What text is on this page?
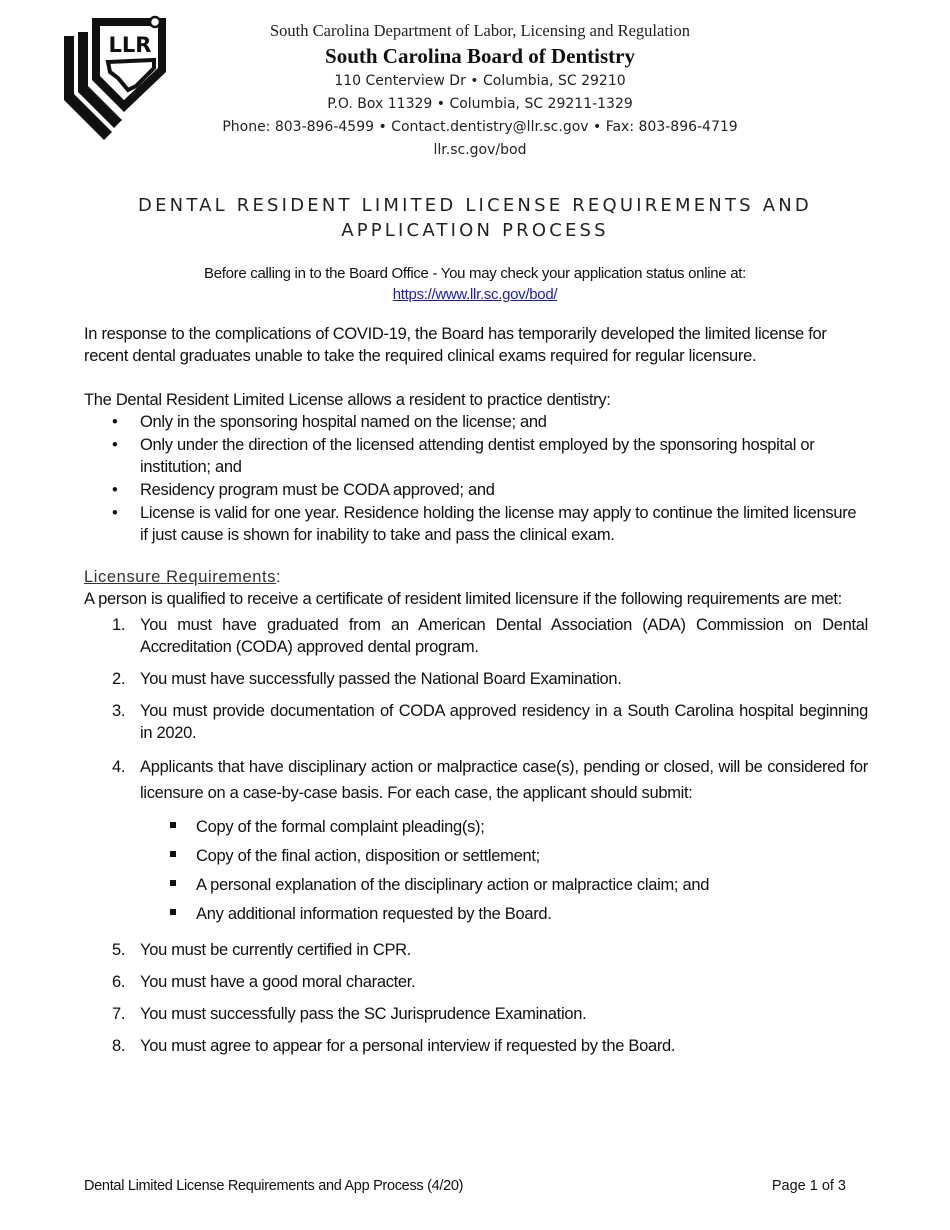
LLR
South Carolina Department of Labor, Licensing and Regulation
South Carolina Board of Dentistry
110 Centerview Dr • Columbia, SC 29210
P.O. Box 11329 • Columbia, SC 29211-1329
Phone: 803-896-4599 • Contact.dentistry@llr.sc.gov • Fax: 803-896-4719
llr.sc.gov/bod
DENTAL RESIDENT LIMITED LICENSE REQUIREMENTS AND
APPLICATION PROCESS
Before calling in to the Board Office - You may check your application status online at:
https://www.llr.sc.gov/bod/

In response to the complications of COVID-19, the Board has temporarily developed the limited license for recent dental graduates unable to take the required clinical exams required for regular licensure.

The Dental Resident Limited License allows a resident to practice dentistry:

• Only in the sponsoring hospital named on the license; and
• Only under the direction of the licensed attending dentist employed by the sponsoring hospital or institution; and
• Residency program must be CODA approved; and
• License is valid for one year. Residence holding the license may apply to continue the limited licensure if just cause is shown for inability to take and pass the clinical exam.

Licensure Requirements:

A person is qualified to receive a certificate of resident limited licensure if the following requirements are met:

1. You must have graduated from an American Dental Association (ADA) Commission on Dental Accreditation (CODA) approved dental program.
2. You must have successfully passed the National Board Examination.
3. You must provide documentation of CODA approved residency in a South Carolina hospital beginning in 2020.
4. Applicants that have disciplinary action or malpractice case(s), pending or closed, will be considered for licensure on a case-by-case basis. For each case, the applicant should submit:
Copy of the formal complaint pleading(s);
Copy of the final action, disposition or settlement;
A personal explanation of the disciplinary action or malpractice claim; and
Any additional information requested by the Board.
5. You must be currently certified in CPR.
6. You must have a good moral character.
7. You must successfully pass the SC Jurisprudence Examination.
8. You must agree to appear for a personal interview if requested by the Board.
Dental Limited License Requirements and App Process (4/20)	Page 1 of 3
